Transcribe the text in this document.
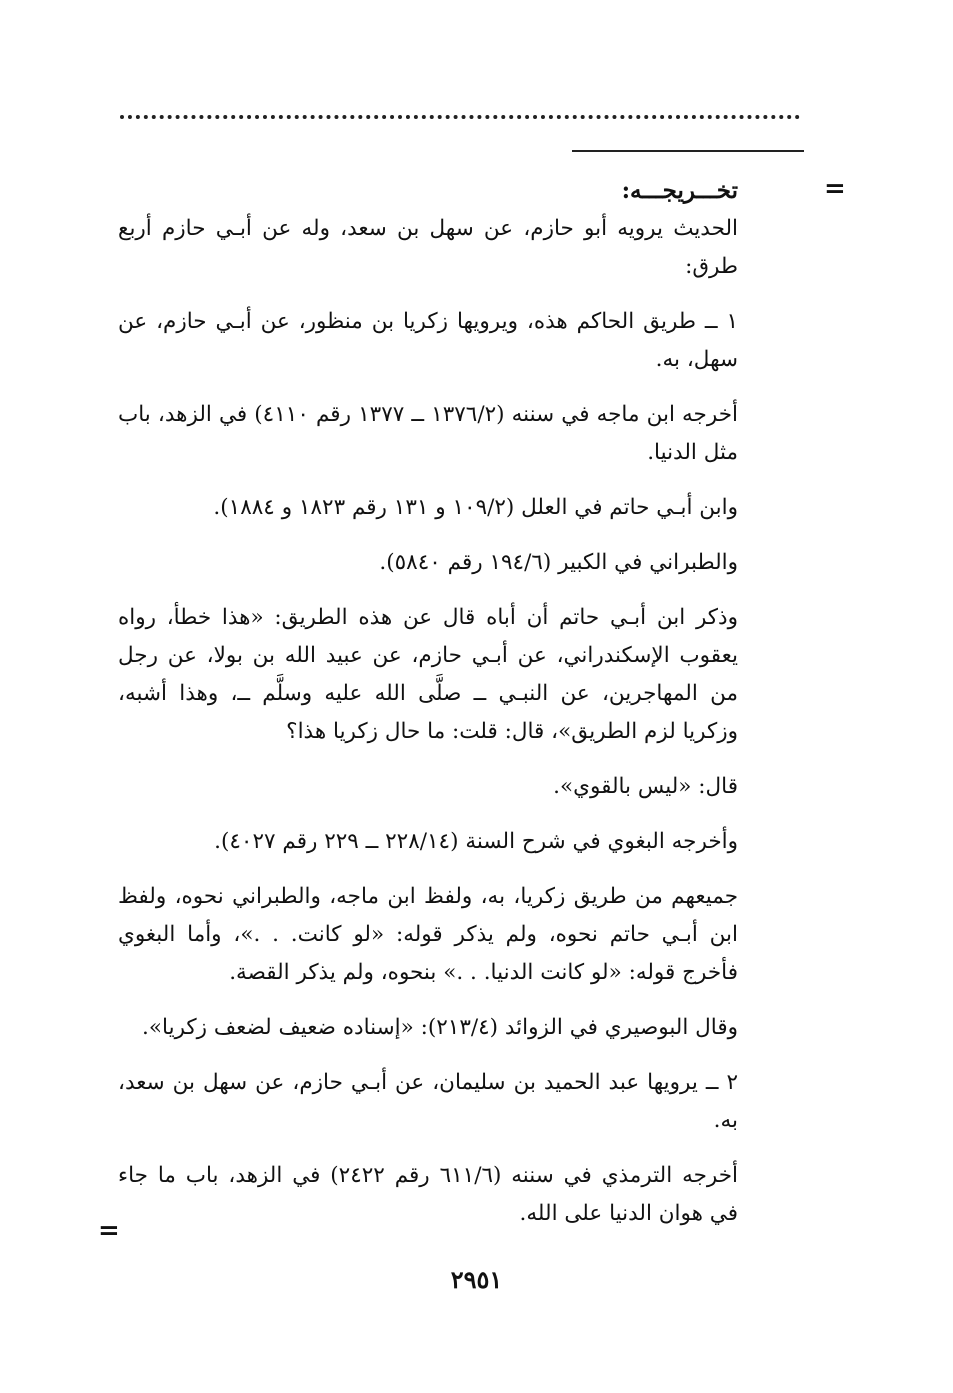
=
تخـــريجـــه:

الحديث يرويه أبو حازم، عن سهل بن سعد، وله عن أبـي حازم أربع طرق:

١ ــ طريق الحاكم هذه، ويرويها زكريا بن منظور، عن أبـي حازم، عن سهل، به.

أخرجه ابن ماجه في سننه (١٣٧٦/٢ ــ ١٣٧٧ رقم ٤١١٠) في الزهد، باب مثل الدنيا.

وابن أبـي حاتم في العلل (١٠٩/٢ و ١٣١ رقم ١٨٢٣ و ١٨٨٤).

والطبراني في الكبير (١٩٤/٦ رقم ٥٨٤٠).

وذكر ابن أبـي حاتم أن أباه قال عن هذه الطريق: «هذا خطأ، رواه يعقوب الإسكندراني، عن أبـي حازم، عن عبيد الله بن بولا، عن رجل من المهاجرين، عن النبـي ــ صلَّى الله عليه وسلَّم ــ، وهذا أشبه، وزكريا لزم الطريق»، قال: قلت: ما حال زكريا هذا؟

قال: «ليس بالقوي».

وأخرجه البغوي في شرح السنة (٢٢٨/١٤ ــ ٢٢٩ رقم ٤٠٢٧).

جميعهم من طريق زكريا، به، ولفظ ابن ماجه، والطبراني نحوه، ولفظ ابن أبـي حاتم نحوه، ولم يذكر قوله: «لو كانت. . .»، وأما البغوي فأخرج قوله: «لو كانت الدنيا. . .» بنحوه، ولم يذكر القصة.

وقال البوصيري في الزوائد (٢١٣/٤): «إسناده ضعيف لضعف زكريا».

٢ ــ يرويها عبد الحميد بن سليمان، عن أبـي حازم، عن سهل بن سعد، به.

أخرجه الترمذي في سننه (٦١١/٦ رقم ٢٤٢٢) في الزهد، باب ما جاء في هوان الدنيا على الله.

=
٢٩٥١
